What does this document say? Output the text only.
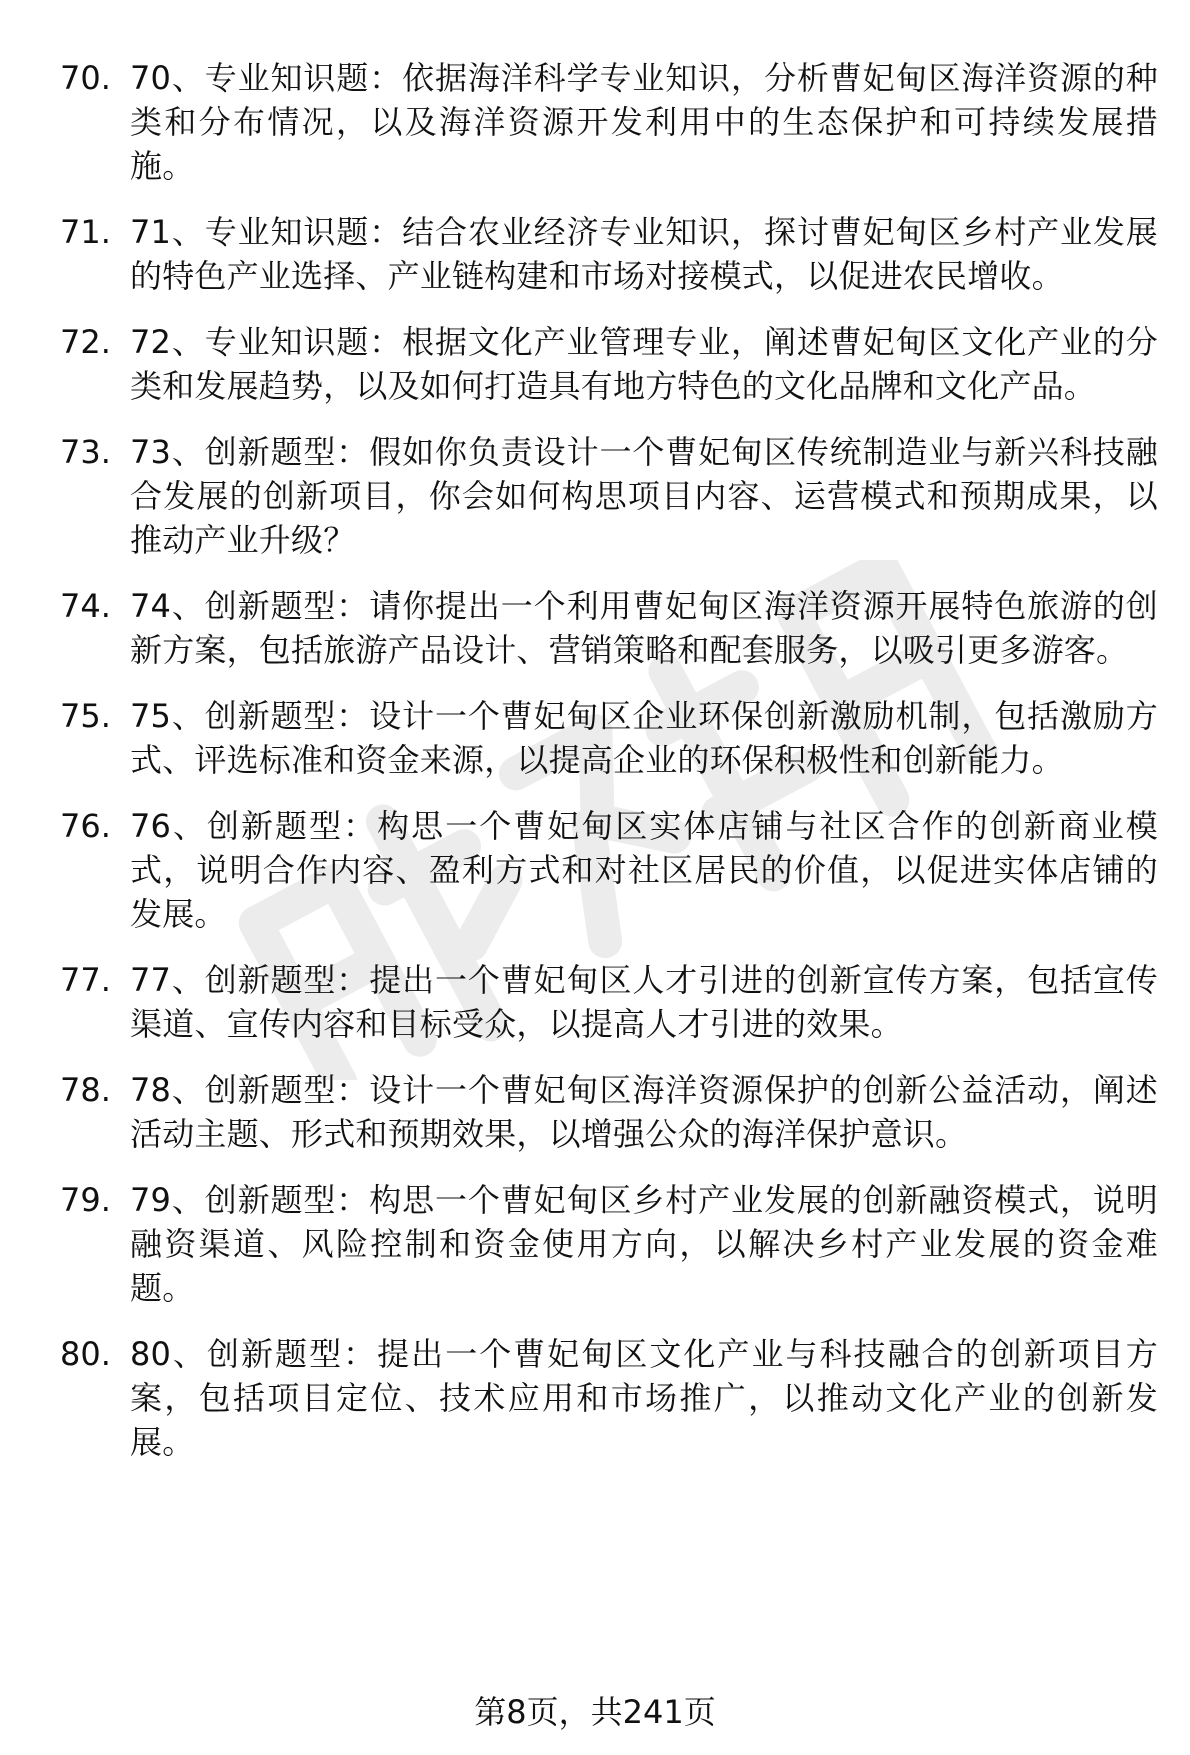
70. 70、专业知识题：依据海洋科学专业知识，分析曹妃甸区海洋资源的种类和分布情况，以及海洋资源开发利用中的生态保护和可持续发展措施。
71. 71、专业知识题：结合农业经济专业知识，探讨曹妃甸区乡村产业发展的特色产业选择、产业链构建和市场对接模式，以促进农民增收。
72. 72、专业知识题：根据文化产业管理专业，阐述曹妃甸区文化产业的分类和发展趋势，以及如何打造具有地方特色的文化品牌和文化产品。
73. 73、创新题型：假如你负责设计一个曹妃甸区传统制造业与新兴科技融合发展的创新项目，你会如何构思项目内容、运营模式和预期成果，以推动产业升级？
74. 74、创新题型：请你提出一个利用曹妃甸区海洋资源开展特色旅游的创新方案，包括旅游产品设计、营销策略和配套服务，以吸引更多游客。
75. 75、创新题型：设计一个曹妃甸区企业环保创新激励机制，包括激励方式、评选标准和资金来源，以提高企业的环保积极性和创新能力。
76. 76、创新题型：构思一个曹妃甸区实体店铺与社区合作的创新商业模式，说明合作内容、盈利方式和对社区居民的价值，以促进实体店铺的发展。
77. 77、创新题型：提出一个曹妃甸区人才引进的创新宣传方案，包括宣传渠道、宣传内容和目标受众，以提高人才引进的效果。
78. 78、创新题型：设计一个曹妃甸区海洋资源保护的创新公益活动，阐述活动主题、形式和预期效果，以增强公众的海洋保护意识。
79. 79、创新题型：构思一个曹妃甸区乡村产业发展的创新融资模式，说明融资渠道、风险控制和资金使用方向，以解决乡村产业发展的资金难题。
80. 80、创新题型：提出一个曹妃甸区文化产业与科技融合的创新项目方案，包括项目定位、技术应用和市场推广，以推动文化产业的创新发展。
第8页，共241页
